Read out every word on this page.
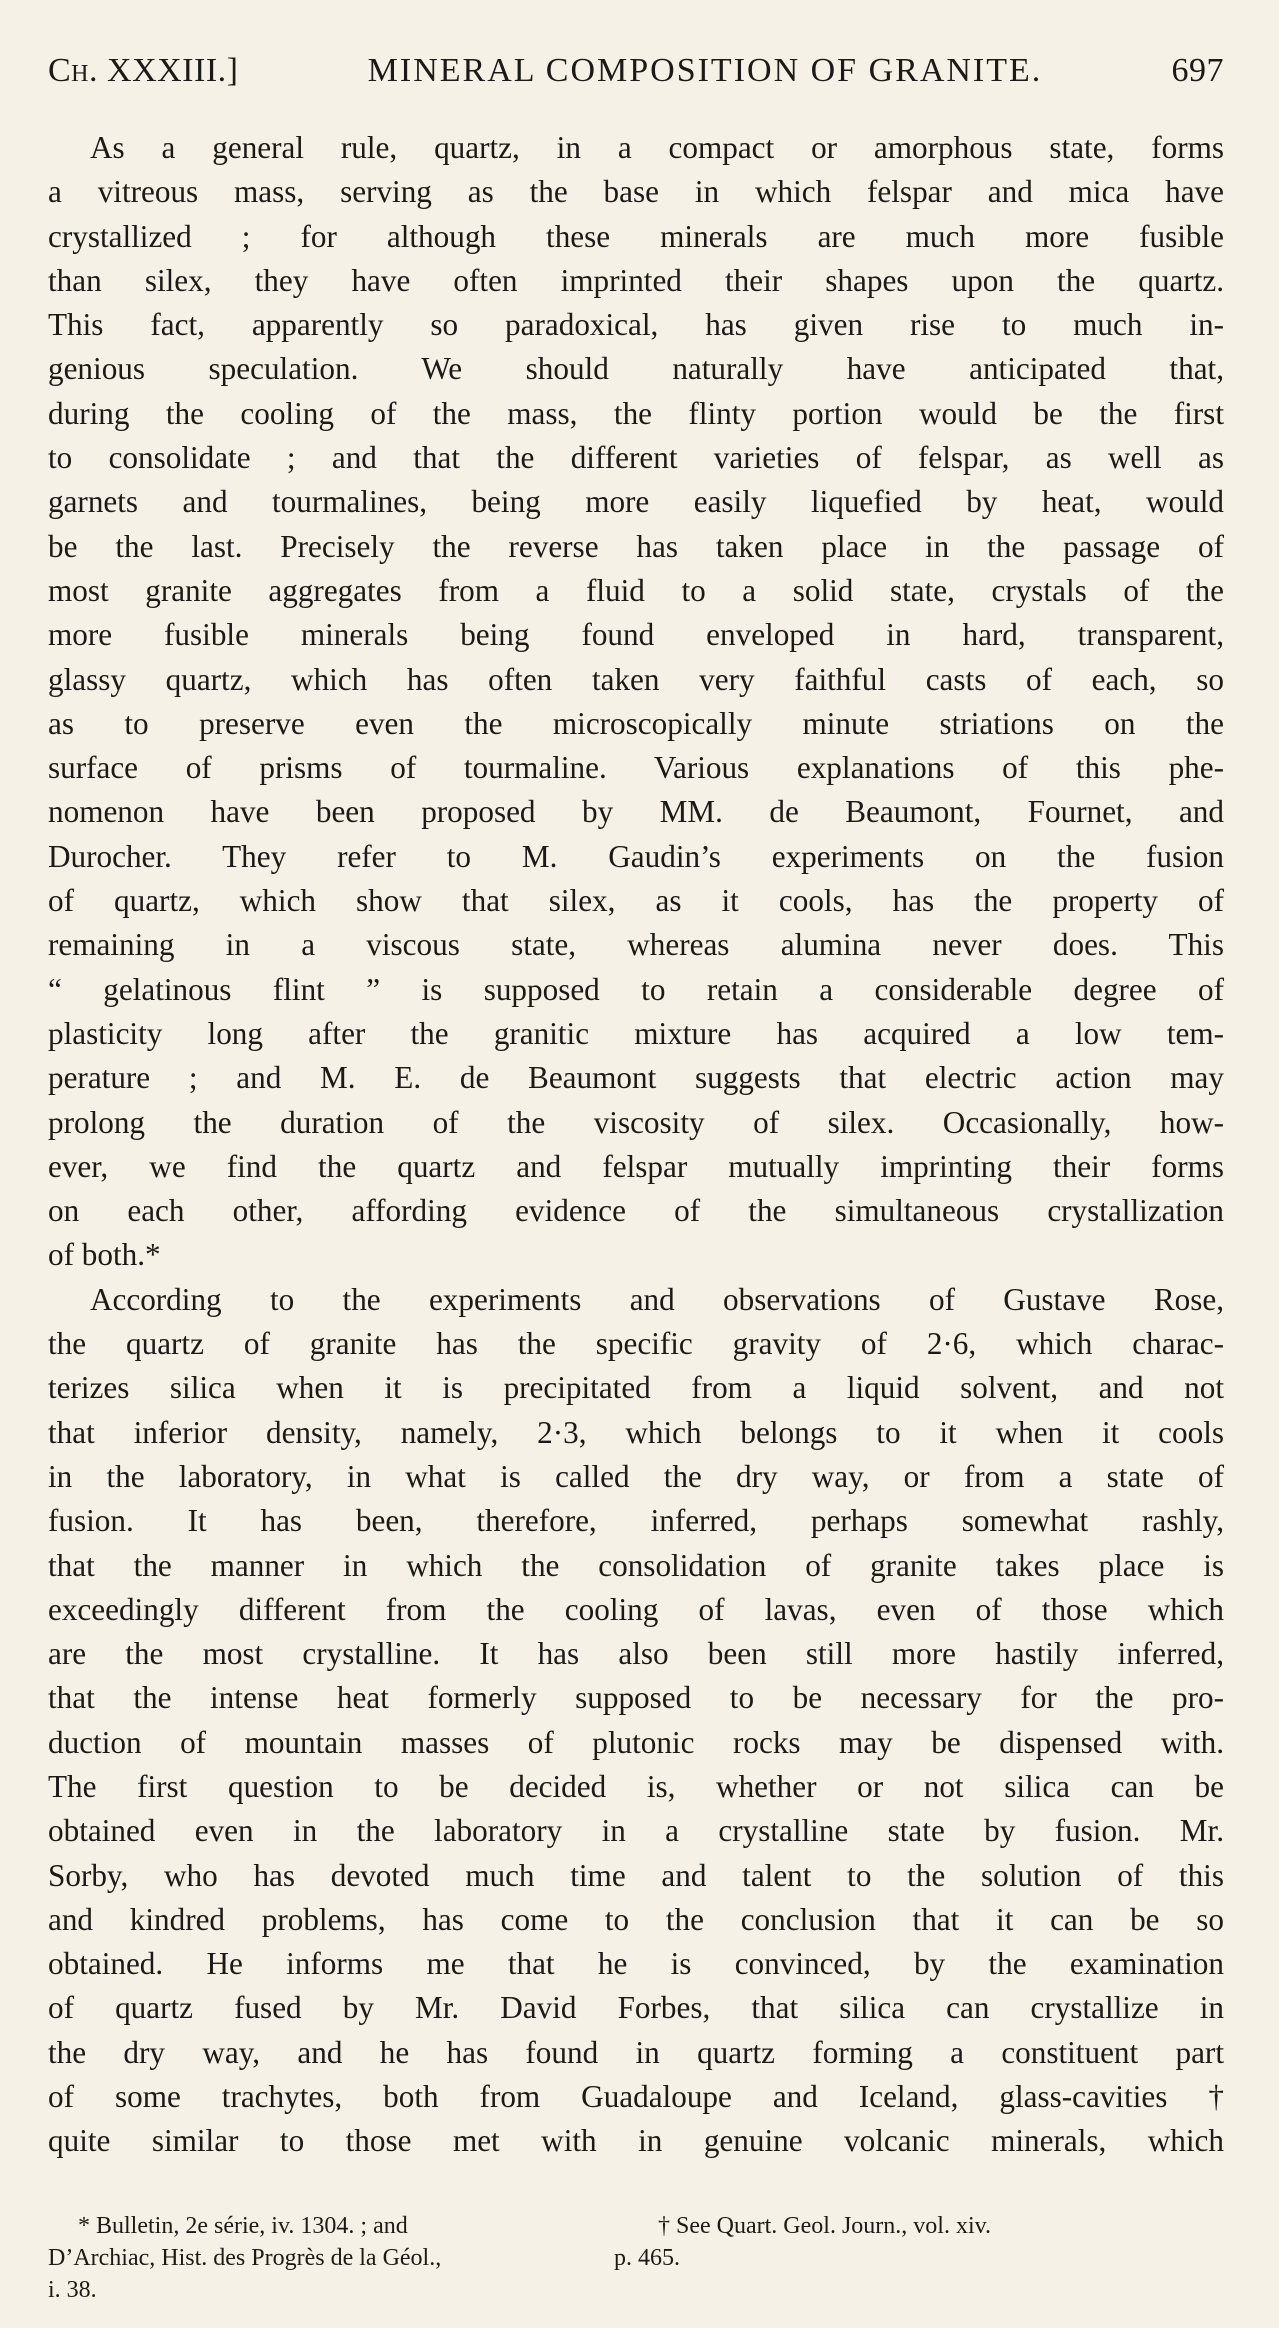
Ch. XXXIII.]	MINERAL COMPOSITION OF GRANITE.	697
As a general rule, quartz, in a compact or amorphous state, forms
a vitreous mass, serving as the base in which felspar and mica have
crystallized ; for although these minerals are much more fusible
than silex, they have often imprinted their shapes upon the quartz.
This fact, apparently so paradoxical, has given rise to much in-
genious speculation. We should naturally have anticipated that,
during the cooling of the mass, the flinty portion would be the first
to consolidate ; and that the different varieties of felspar, as well as
garnets and tourmalines, being more easily liquefied by heat, would
be the last. Precisely the reverse has taken place in the passage of
most granite aggregates from a fluid to a solid state, crystals of the
more fusible minerals being found enveloped in hard, transparent,
glassy quartz, which has often taken very faithful casts of each, so
as to preserve even the microscopically minute striations on the
surface of prisms of tourmaline. Various explanations of this phe-
nomenon have been proposed by MM. de Beaumont, Fournet, and
Durocher. They refer to M. Gaudin’s experiments on the fusion
of quartz, which show that silex, as it cools, has the property of
remaining in a viscous state, whereas alumina never does. This
“ gelatinous flint ” is supposed to retain a considerable degree of
plasticity long after the granitic mixture has acquired a low tem-
perature ; and M. E. de Beaumont suggests that electric action may
prolong the duration of the viscosity of silex. Occasionally, how-
ever, we find the quartz and felspar mutually imprinting their forms
on each other, affording evidence of the simultaneous crystallization
of both.*
According to the experiments and observations of Gustave Rose,
the quartz of granite has the specific gravity of 2·6, which charac-
terizes silica when it is precipitated from a liquid solvent, and not
that inferior density, namely, 2·3, which belongs to it when it cools
in the laboratory, in what is called the dry way, or from a state of
fusion. It has been, therefore, inferred, perhaps somewhat rashly,
that the manner in which the consolidation of granite takes place is
exceedingly different from the cooling of lavas, even of those which
are the most crystalline. It has also been still more hastily inferred,
that the intense heat formerly supposed to be necessary for the pro-
duction of mountain masses of plutonic rocks may be dispensed with.
The first question to be decided is, whether or not silica can be
obtained even in the laboratory in a crystalline state by fusion. Mr.
Sorby, who has devoted much time and talent to the solution of this
and kindred problems, has come to the conclusion that it can be so
obtained. He informs me that he is convinced, by the examination
of quartz fused by Mr. David Forbes, that silica can crystallize in
the dry way, and he has found in quartz forming a constituent part
of some trachytes, both from Guadaloupe and Iceland, glass-cavities †
quite similar to those met with in genuine volcanic minerals, which
* Bulletin, 2e série, iv. 1304. ; and	† See Quart. Geol. Journ., vol. xiv.
D’Archiac, Hist. des Progrès de la Géol.,	p. 465.
i. 38.
